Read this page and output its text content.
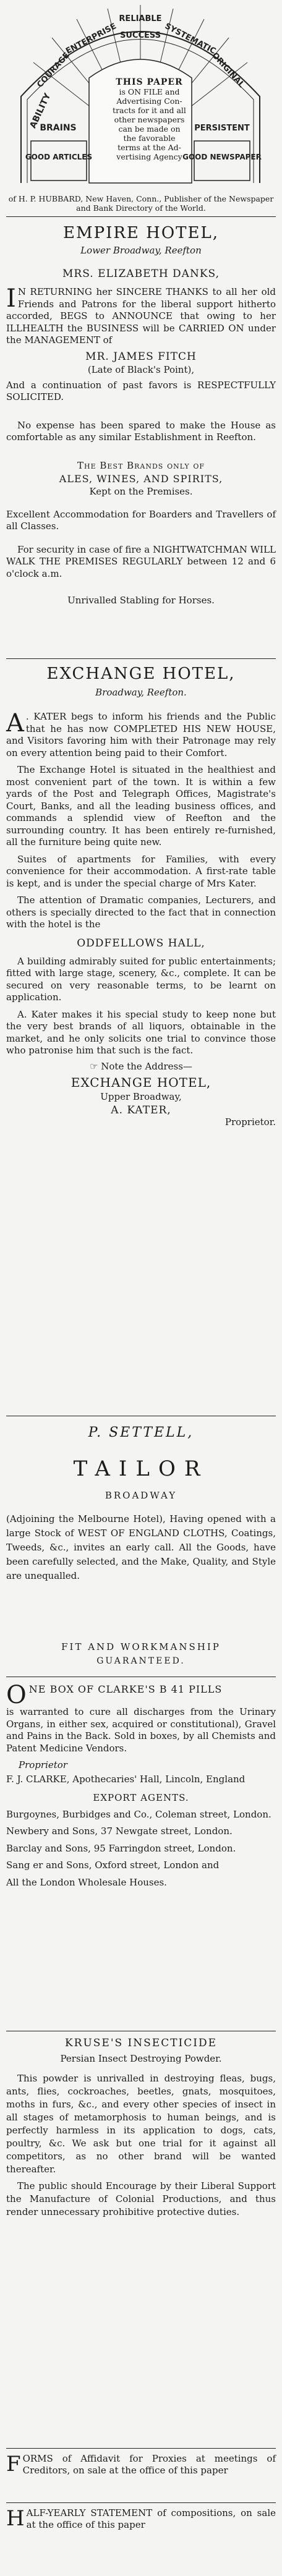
RELIABLE
COURAGE	ORIGINAL
ENTERPRISE SUCCESS SYSTEMATIC
ABILITY
BRAINS	PERSISTENT
GOOD ARTICLES	GOOD NEWSPAPER
THIS PAPER
is ON FILE and
Advertising Con-
tracts for it and all
other newspapers
can be made on
the favorable
terms at the Ad-
vertising Agency
of H. P. HUBBARD, New Haven, Conn., Publisher of the Newspaper and Bank Directory of the World.
EMPIRE HOTEL,
Lower Broadway, Reefton
MRS. ELIZABETH DANKS,
I N RETURNING her SINCERE THANKS to all her old Friends and Patrons for the liberal support hitherto accorded, BEGS to ANNOUNCE that owing to her ILLHEALTH the BUSINESS will be CARRIED ON under the MANAGEMENT of
MR. JAMES FITCH
(Late of Black's Point),
And a continuation of past favors is RESPECTFULLY SOLICITED.
No expense has been spared to make the House as comfortable as any similar Establishment in Reefton.
The Best Brands only of
ALES, WINES, AND SPIRITS,
Kept on the Premises.
Excellent Accommodation for Boarders and Travellers of all Classes.
For security in case of fire a NIGHTWATCHMAN WILL WALK THE PREMISES REGULARLY between 12 and 6 o'clock a.m.
Unrivalled Stabling for Horses.
EXCHANGE HOTEL,
Broadway, Reefton.
A . KATER begs to inform his friends and the Public that he has now COMPLETED HIS NEW HOUSE, and Visitors favoring him with their Patronage may rely on every attention being paid to their Comfort.
The Exchange Hotel is situated in the healthiest and most convenient part of the town. It is within a few yards of the Post and Telegraph Offices, Magistrate's Court, Banks, and all the leading business offices, and commands a splendid view of Reefton and the surrounding country. It has been entirely re-furnished, all the furniture being quite new.
Suites of apartments for Families, with every convenience for their accommodation. A first-rate table is kept, and is under the special charge of Mrs Kater.
The attention of Dramatic companies, Lecturers, and others is specially directed to the fact that in connection with the hotel is the
ODDFELLOWS HALL,
A building admirably suited for public entertainments; fitted with large stage, scenery, &c., complete. It can be secured on very reasonable terms, to be learnt on application.
A. Kater makes it his special study to keep none but the very best brands of all liquors, obtainable in the market, and he only solicits one trial to convince those who patronise him that such is the fact.
☞ Note the Address—
EXCHANGE HOTEL,
Upper Broadway,
A. KATER,
Proprietor.
P. SETTELL,
TAILOR
BROADWAY
(Adjoining the Melbourne Hotel), Having opened with a large Stock of WEST OF ENGLAND CLOTHS, Coatings, Tweeds, &c., invites an early call. All the Goods, have been carefully selected, and the Make, Quality, and Style are unequalled.
FIT AND WORKMANSHIP
GUARANTEED.
ONE BOX OF CLARKE'S B 41 PILLS
is warranted to cure all discharges from the Urinary Organs, in either sex, acquired or constitutional), Gravel and Pains in the Back. Sold in boxes, by all Chemists and Patent Medicine Vendors.
Proprietor
F. J. CLARKE, Apothecaries' Hall, Lincoln, England
EXPORT AGENTS.
Burgoynes, Burbidges and Co., Coleman street, London.
Newbery and Sons, 37 Newgate street, London.
Barclay and Sons, 95 Farringdon street, London.
Sang er and Sons, Oxford street, London and
All the London Wholesale Houses.
KRUSE'S INSECTICIDE
Persian Insect Destroying Powder.
This powder is unrivalled in destroying fleas, bugs, ants, flies, cockroaches, beetles, gnats, mosquitoes, moths in furs, &c., and every other species of insect in all stages of metamorphosis to human beings, and is perfectly harmless in its application to dogs, cats, poultry, &c. We ask but one trial for it against all competitors, as no other brand will be wanted thereafter.
The public should Encourage by their Liberal Support the Manufacture of Colonial Productions, and thus render unnecessary prohibitive protective duties.
FORMS of Affidavit for Proxies at meetings of Creditors, on sale at the office of this paper
HALF-YEARLY STATEMENT of compositions, on sale at the office of this paper
